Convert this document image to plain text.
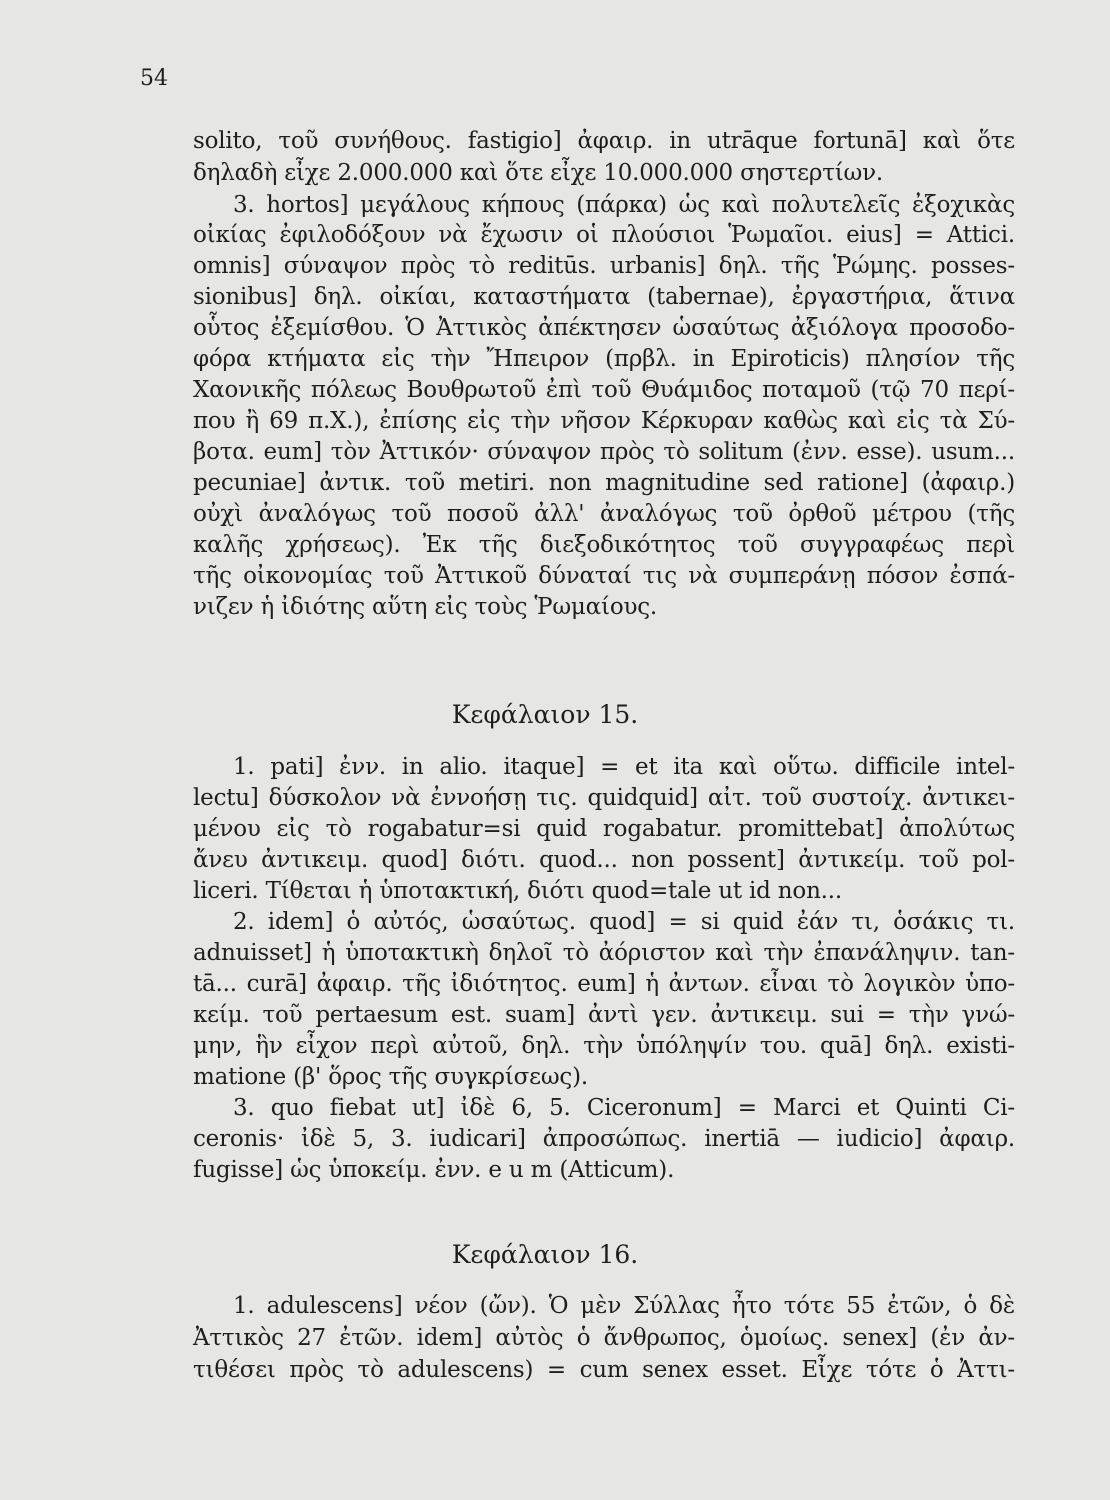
54
solito, τοῦ συνήθους. fastigio] ἀφαιρ. in utrāque fortunā] καὶ ὅτε
δηλαδὴ εἶχε 2.000.000 καὶ ὅτε εἶχε 10.000.000 σηστερτίων.
3. hortos] μεγάλους κήπους (πάρκα) ὡς καὶ πολυτελεῖς ἐξοχικὰς
οἰκίας ἐφιλοδόξουν νὰ ἔχωσιν οἱ πλούσιοι Ῥωμαῖοι. eius] = Attici.
omnis] σύναψον πρὸς τὸ reditūs. urbanis] δηλ. τῆς Ῥώμης. posses-
sionibus] δηλ. οἰκίαι, καταστήματα (tabernae), ἐργαστήρια, ἅτινα
οὗτος ἐξεμίσθου. Ὁ Ἀττικὸς ἀπέκτησεν ὡσαύτως ἀξιόλογα προσοδο-
φόρα κτήματα εἰς τὴν Ἤπειρον (πρβλ. in Epiroticis) πλησίον τῆς
Χαονικῆς πόλεως Βουθρωτοῦ ἐπὶ τοῦ Θυάμιδος ποταμοῦ (τῷ 70 περί-
που ἢ 69 π.Χ.), ἐπίσης εἰς τὴν νῆσον Κέρκυραν καθὼς καὶ εἰς τὰ Σύ-
βοτα. eum] τὸν Ἀττικόν· σύναψον πρὸς τὸ solitum (ἐνν. esse). usum...
pecuniae] ἀντικ. τοῦ metiri. non magnitudine sed ratione] (ἀφαιρ.)
οὐχὶ ἀναλόγως τοῦ ποσοῦ ἀλλ' ἀναλόγως τοῦ ὀρθοῦ μέτρου (τῆς
καλῆς χρήσεως). Ἐκ τῆς διεξοδικότητος τοῦ συγγραφέως περὶ
τῆς οἰκονομίας τοῦ Ἀττικοῦ δύναταί τις νὰ συμπεράνῃ πόσον ἐσπά-
νιζεν ἡ ἰδιότης αὕτη εἰς τοὺς Ῥωμαίους.
1. pati] ἐνν. in alio. itaque] = et ita καὶ οὕτω. difficile intel-
lectu] δύσκολον νὰ ἐννοήσῃ τις. quidquid] αἰτ. τοῦ συστοίχ. ἀντικει-
μένου εἰς τὸ rogabatur=si quid rogabatur. promittebat] ἀπολύτως
ἄνευ ἀντικειμ. quod] διότι. quod... non possent] ἀντικείμ. τοῦ pol-
liceri. Τίθεται ἡ ὑποτακτική, διότι quod=tale ut id non...
2. idem] ὁ αὐτός, ὡσαύτως. quod] = si quid ἐάν τι, ὁσάκις τι.
adnuisset] ἡ ὑποτακτικὴ δηλοῖ τὸ ἀόριστον καὶ τὴν ἐπανάληψιν. tan-
tā... curā] ἀφαιρ. τῆς ἰδιότητος. eum] ἡ ἀντων. εἶναι τὸ λογικὸν ὑπο-
κείμ. τοῦ pertaesum est. suam] ἀντὶ γεν. ἀντικειμ. sui = τὴν γνώ-
μην, ἣν εἶχον περὶ αὐτοῦ, δηλ. τὴν ὑπόληψίν του. quā] δηλ. existi-
matione (β' ὅρος τῆς συγκρίσεως).
3. quo fiebat ut] ἰδὲ 6, 5. Ciceronum] = Marci et Quinti Ci-
ceronis· ἰδὲ 5, 3. iudicari] ἀπροσώπως. inertiā — iudicio] ἀφαιρ.
fugisse] ὡς ὑποκείμ. ἐνν. e u m (Atticum).
1. adulescens] νέον (ὤν). Ὁ μὲν Σύλλας ἦτο τότε 55 ἐτῶν, ὁ δὲ
Ἀττικὸς 27 ἐτῶν. idem] αὐτὸς ὁ ἄνθρωπος, ὁμοίως. senex] (ἐν ἀν-
τιθέσει πρὸς τὸ adulescens) = cum senex esset. Εἶχε τότε ὁ Ἀττι-
Κεφάλαιον 15.
Κεφάλαιον 16.
